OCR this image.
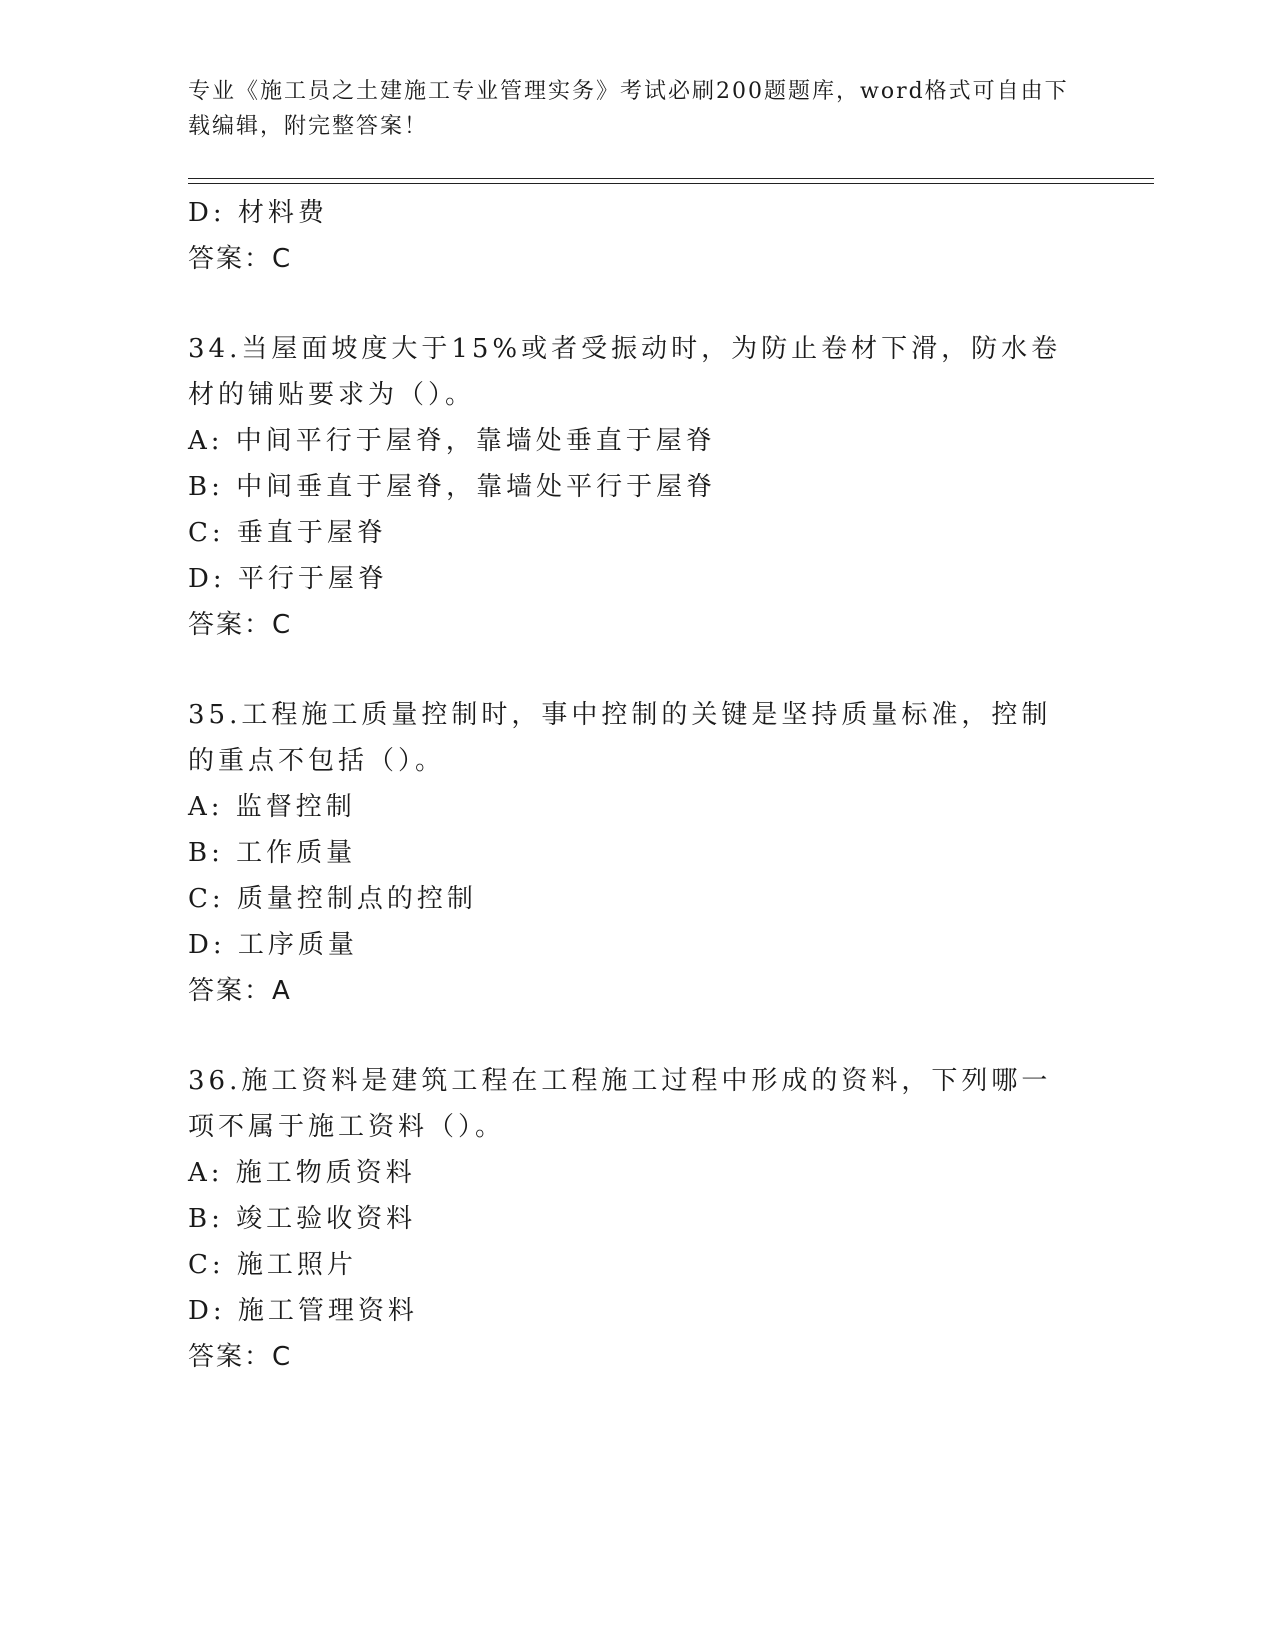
专业《施工员之土建施工专业管理实务》考试必刷200题题库，word格式可自由下载编辑，附完整答案！
D: 材料费
答案：C
34.当屋面坡度大于15%或者受振动时，为防止卷材下滑，防水卷材的铺贴要求为（）。
A: 中间平行于屋脊，靠墙处垂直于屋脊
B: 中间垂直于屋脊，靠墙处平行于屋脊
C: 垂直于屋脊
D: 平行于屋脊
答案：C
35.工程施工质量控制时，事中控制的关键是坚持质量标准，控制的重点不包括（）。
A: 监督控制
B: 工作质量
C: 质量控制点的控制
D: 工序质量
答案：A
36.施工资料是建筑工程在工程施工过程中形成的资料，下列哪一项不属于施工资料（）。
A: 施工物质资料
B: 竣工验收资料
C: 施工照片
D: 施工管理资料
答案：C
